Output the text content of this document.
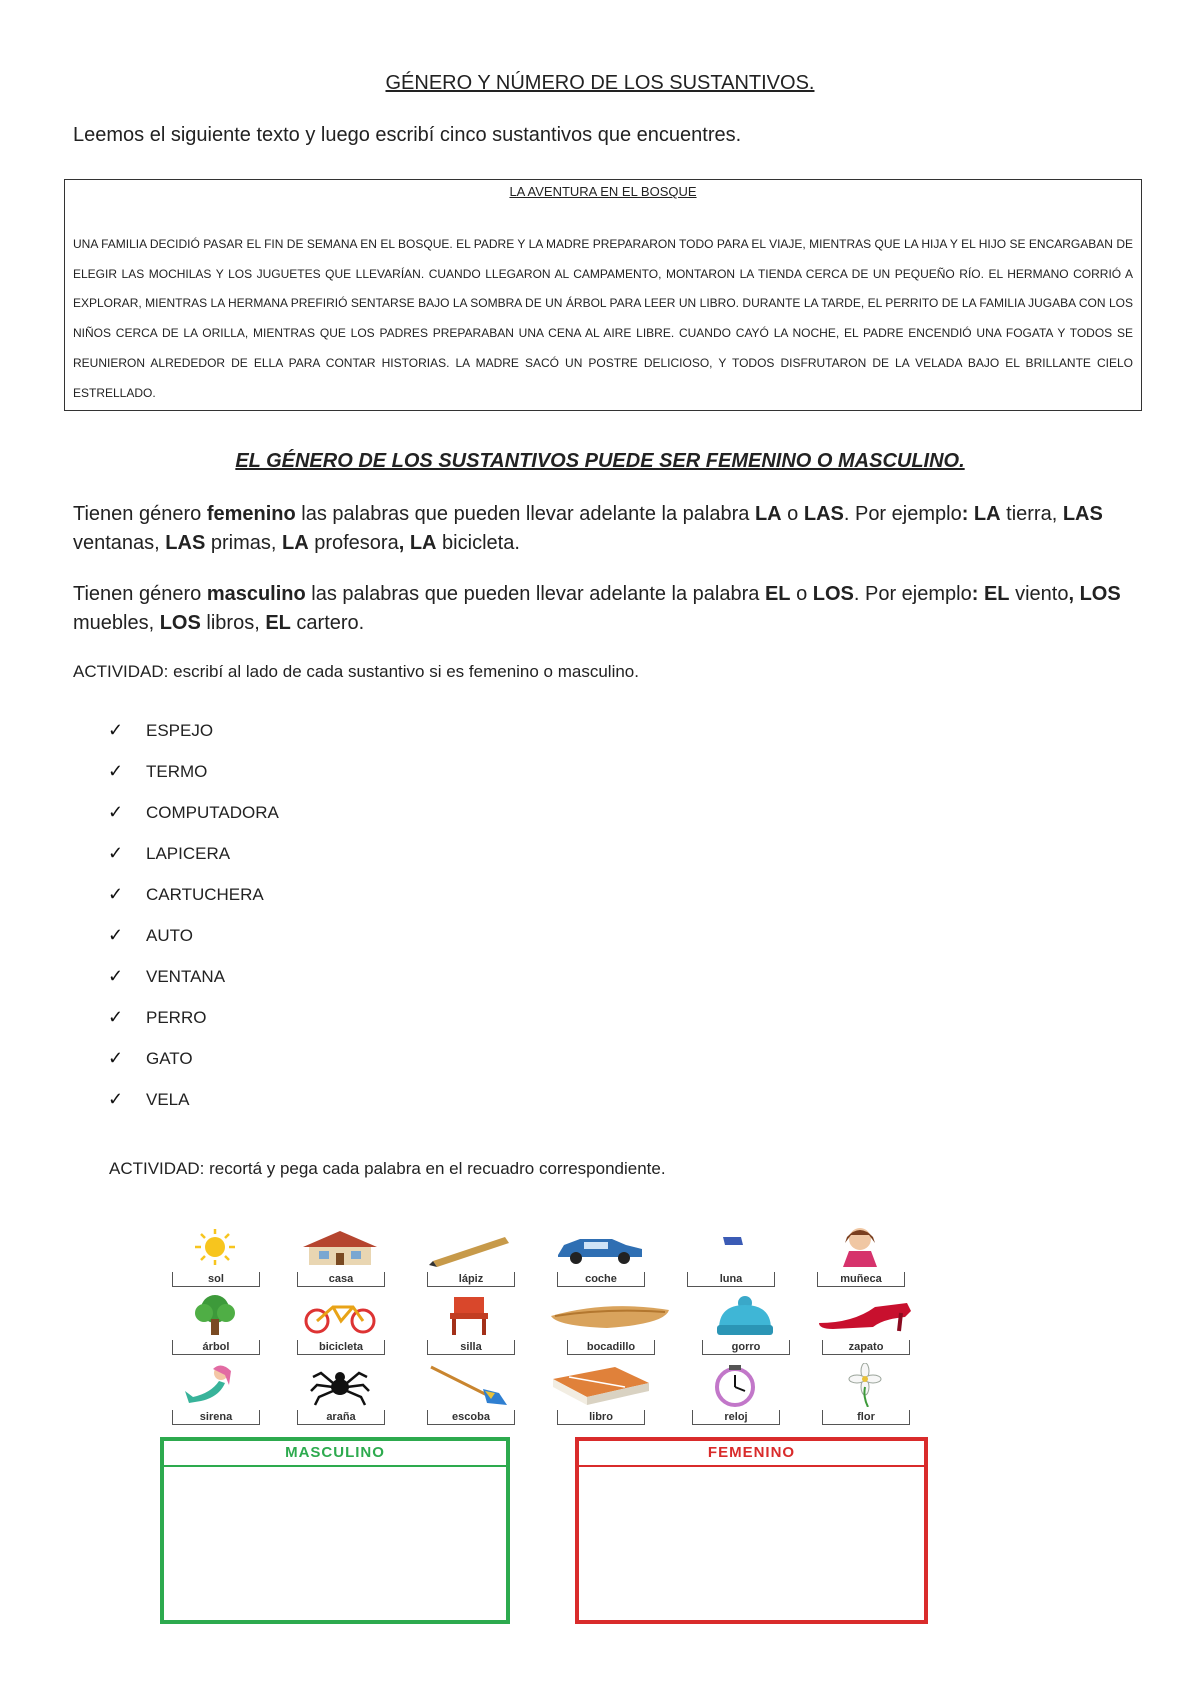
GÉNERO Y NÚMERO DE LOS SUSTANTIVOS.
Leemos el siguiente texto y luego escribí cinco sustantivos que encuentres.
LA AVENTURA EN EL BOSQUE
UNA FAMILIA DECIDIÓ PASAR EL FIN DE SEMANA EN EL BOSQUE. EL PADRE Y LA MADRE PREPARARON TODO PARA EL VIAJE, MIENTRAS QUE LA HIJA Y EL HIJO SE ENCARGABAN DE ELEGIR LAS MOCHILAS Y LOS JUGUETES QUE LLEVARÍAN. CUANDO LLEGARON AL CAMPAMENTO, MONTARON LA TIENDA CERCA DE UN PEQUEÑO RÍO. EL HERMANO CORRIÓ A EXPLORAR, MIENTRAS LA HERMANA PREFIRIÓ SENTARSE BAJO LA SOMBRA DE UN ÁRBOL PARA LEER UN LIBRO. DURANTE LA TARDE, EL PERRITO DE LA FAMILIA JUGABA CON LOS NIÑOS CERCA DE LA ORILLA, MIENTRAS QUE LOS PADRES PREPARABAN UNA CENA AL AIRE LIBRE. CUANDO CAYÓ LA NOCHE, EL PADRE ENCENDIÓ UNA FOGATA Y TODOS SE REUNIERON ALREDEDOR DE ELLA PARA CONTAR HISTORIAS. LA MADRE SACÓ UN POSTRE DELICIOSO, Y TODOS DISFRUTARON DE LA VELADA BAJO EL BRILLANTE CIELO ESTRELLADO.
EL GÉNERO DE LOS SUSTANTIVOS PUEDE SER FEMENINO O MASCULINO.
Tienen género femenino las palabras que pueden llevar adelante la palabra LA o LAS. Por ejemplo: LA tierra, LAS ventanas, LAS primas, LA profesora, LA bicicleta.
Tienen género masculino las palabras que pueden llevar adelante la palabra EL o LOS. Por ejemplo: EL viento, LOS muebles, LOS libros, EL cartero.
ACTIVIDAD: escribí al lado de cada sustantivo si es femenino o masculino.
✓	ESPEJO
✓	TERMO
✓	COMPUTADORA
✓	LAPICERA
✓	CARTUCHERA
✓	AUTO
✓	VENTANA
✓	PERRO
✓	GATO
✓	VELA
ACTIVIDAD: recortá y pega cada palabra en el recuadro correspondiente.
sol	casa	lápiz	coche	luna	muñeca
árbol	bicicleta	silla	bocadillo	gorro	zapato
sirena	araña	escoba	libro	reloj	flor
MASCULINO	FEMENINO
